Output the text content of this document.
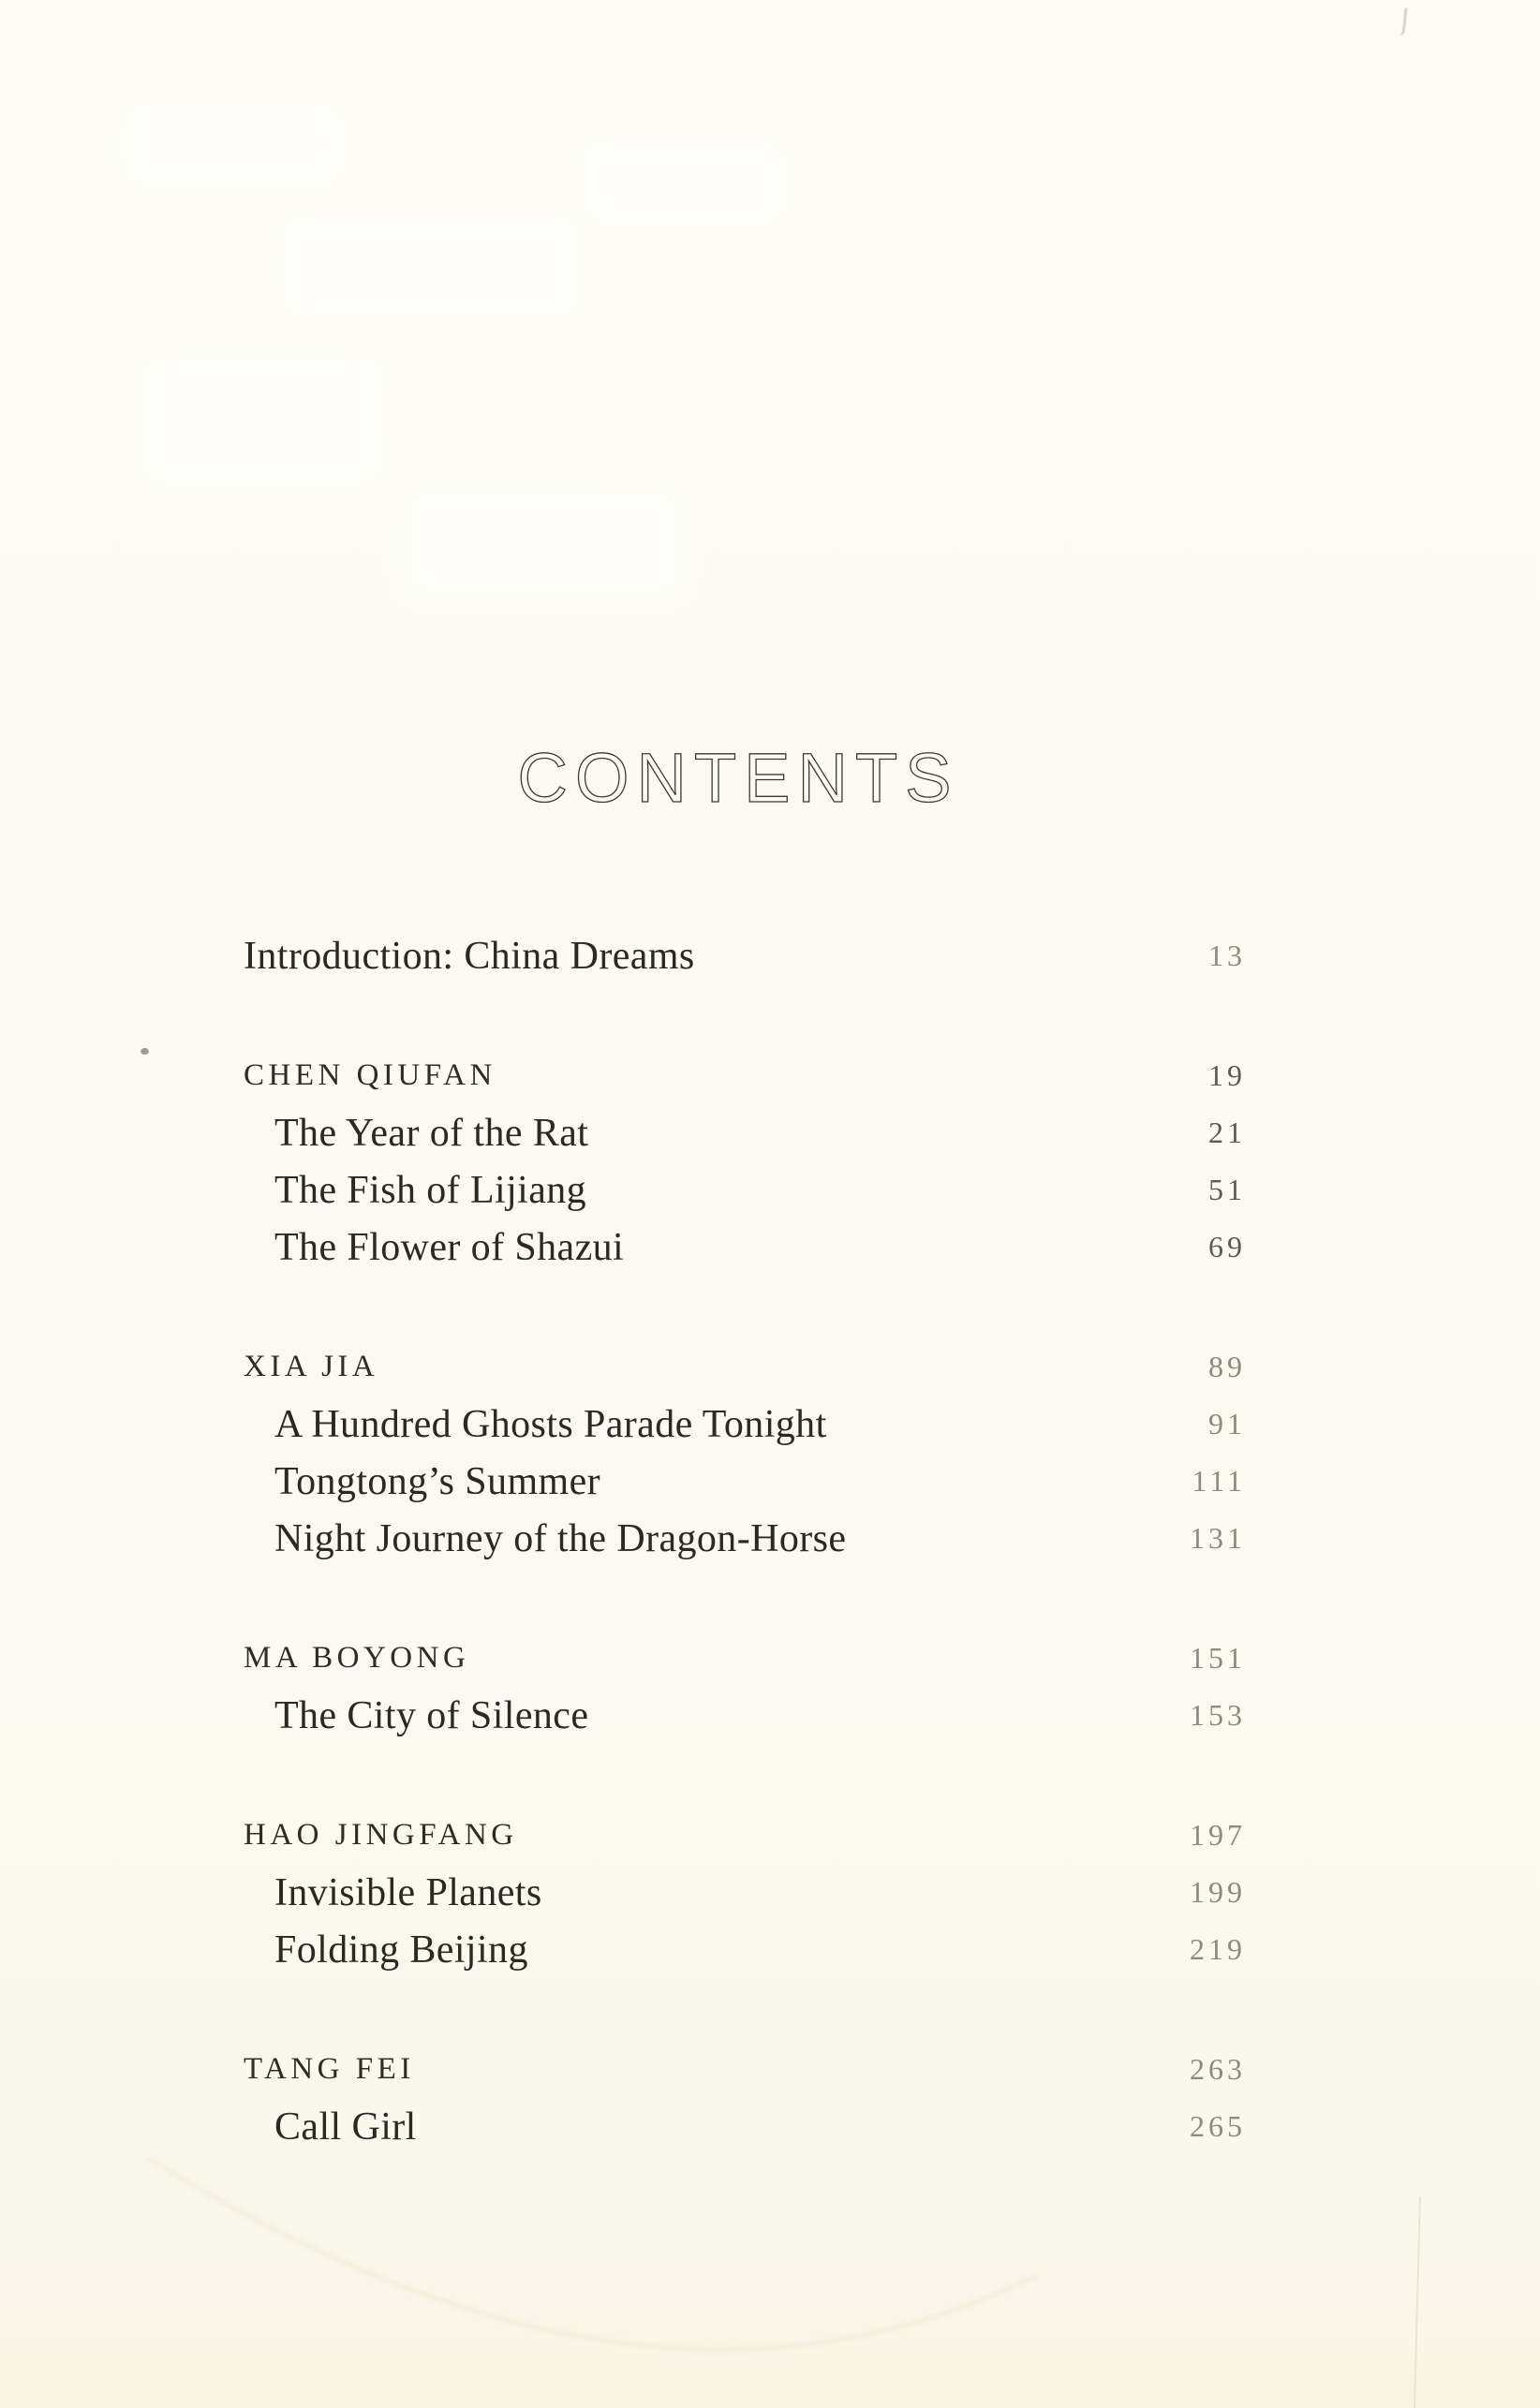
CONTENTS
Introduction: China Dreams	13
CHEN QIUFAN	19
The Year of the Rat	21
The Fish of Lijiang	51
The Flower of Shazui	69
XIA JIA	89
A Hundred Ghosts Parade Tonight	91
Tongtong’s Summer	111
Night Journey of the Dragon-Horse	131
MA BOYONG	151
The City of Silence	153
HAO JINGFANG	197
Invisible Planets	199
Folding Beijing	219
TANG FEI	263
Call Girl	265
